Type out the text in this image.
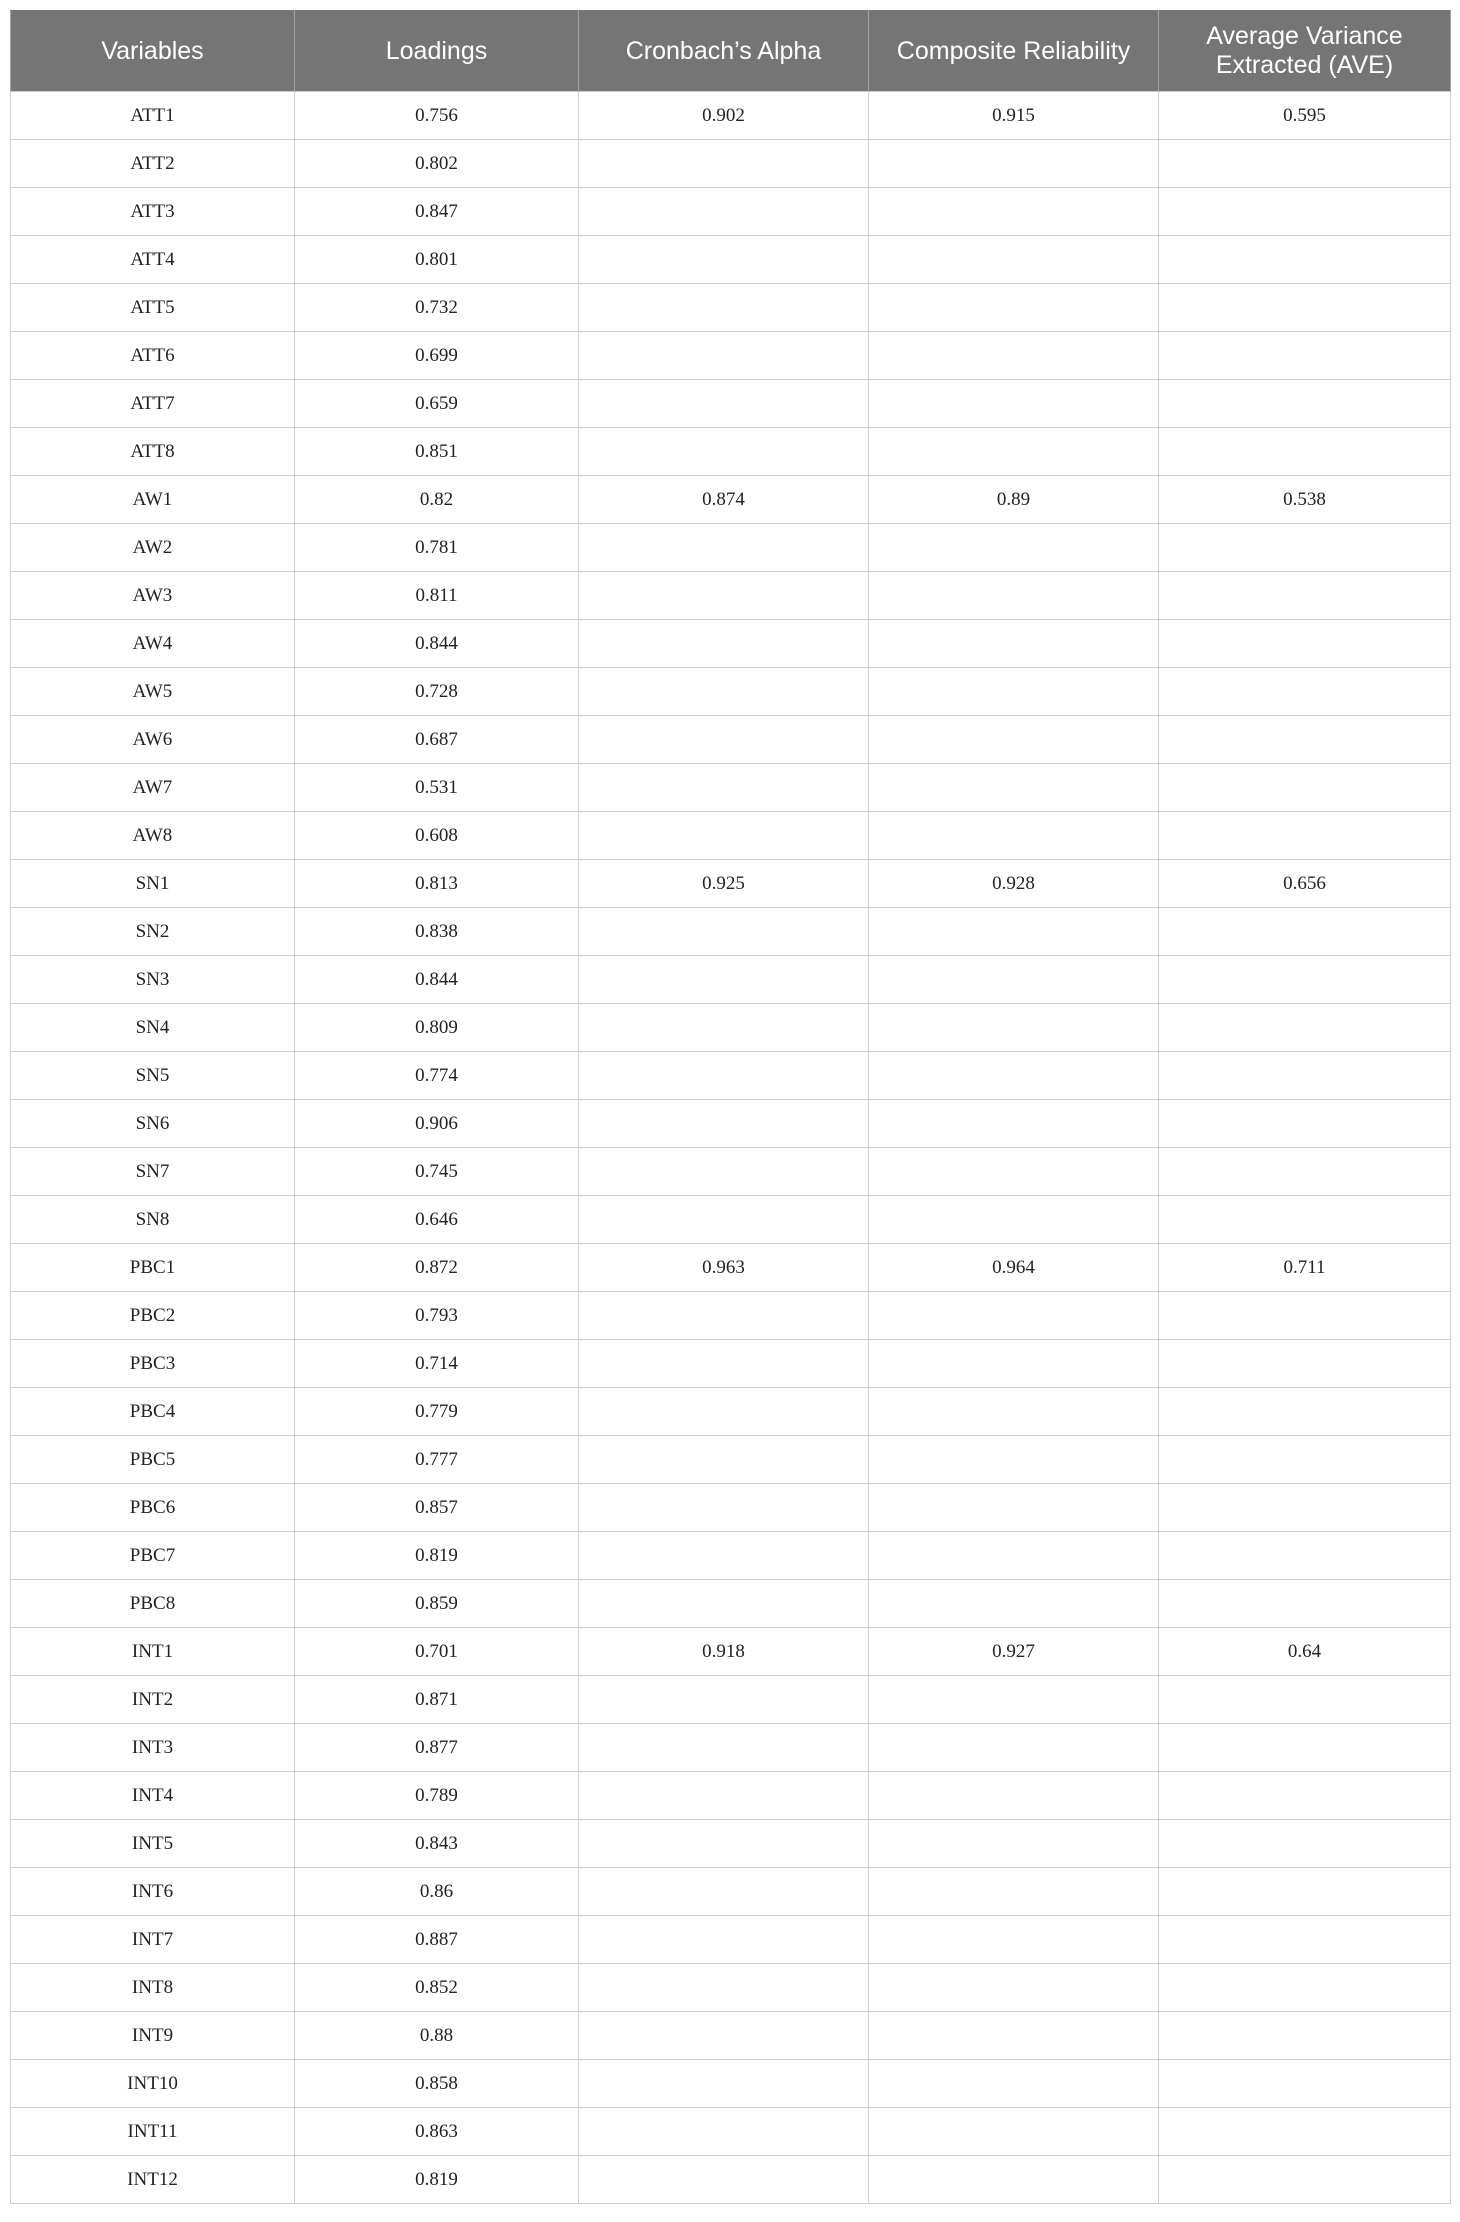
Variables	Loadings	Cronbach’s Alpha	Composite Reliability	Average Variance Extracted (AVE)
ATT1	0.756	0.902	0.915	0.595
ATT2	0.802			
ATT3	0.847			
ATT4	0.801			
ATT5	0.732			
ATT6	0.699			
ATT7	0.659			
ATT8	0.851			
AW1	0.82	0.874	0.89	0.538
AW2	0.781			
AW3	0.811			
AW4	0.844			
AW5	0.728			
AW6	0.687			
AW7	0.531			
AW8	0.608			
SN1	0.813	0.925	0.928	0.656
SN2	0.838			
SN3	0.844			
SN4	0.809			
SN5	0.774			
SN6	0.906			
SN7	0.745			
SN8	0.646			
PBC1	0.872	0.963	0.964	0.711
PBC2	0.793			
PBC3	0.714			
PBC4	0.779			
PBC5	0.777			
PBC6	0.857			
PBC7	0.819			
PBC8	0.859			
INT1	0.701	0.918	0.927	0.64
INT2	0.871			
INT3	0.877			
INT4	0.789			
INT5	0.843			
INT6	0.86			
INT7	0.887			
INT8	0.852			
INT9	0.88			
INT10	0.858			
INT11	0.863			
INT12	0.819			
